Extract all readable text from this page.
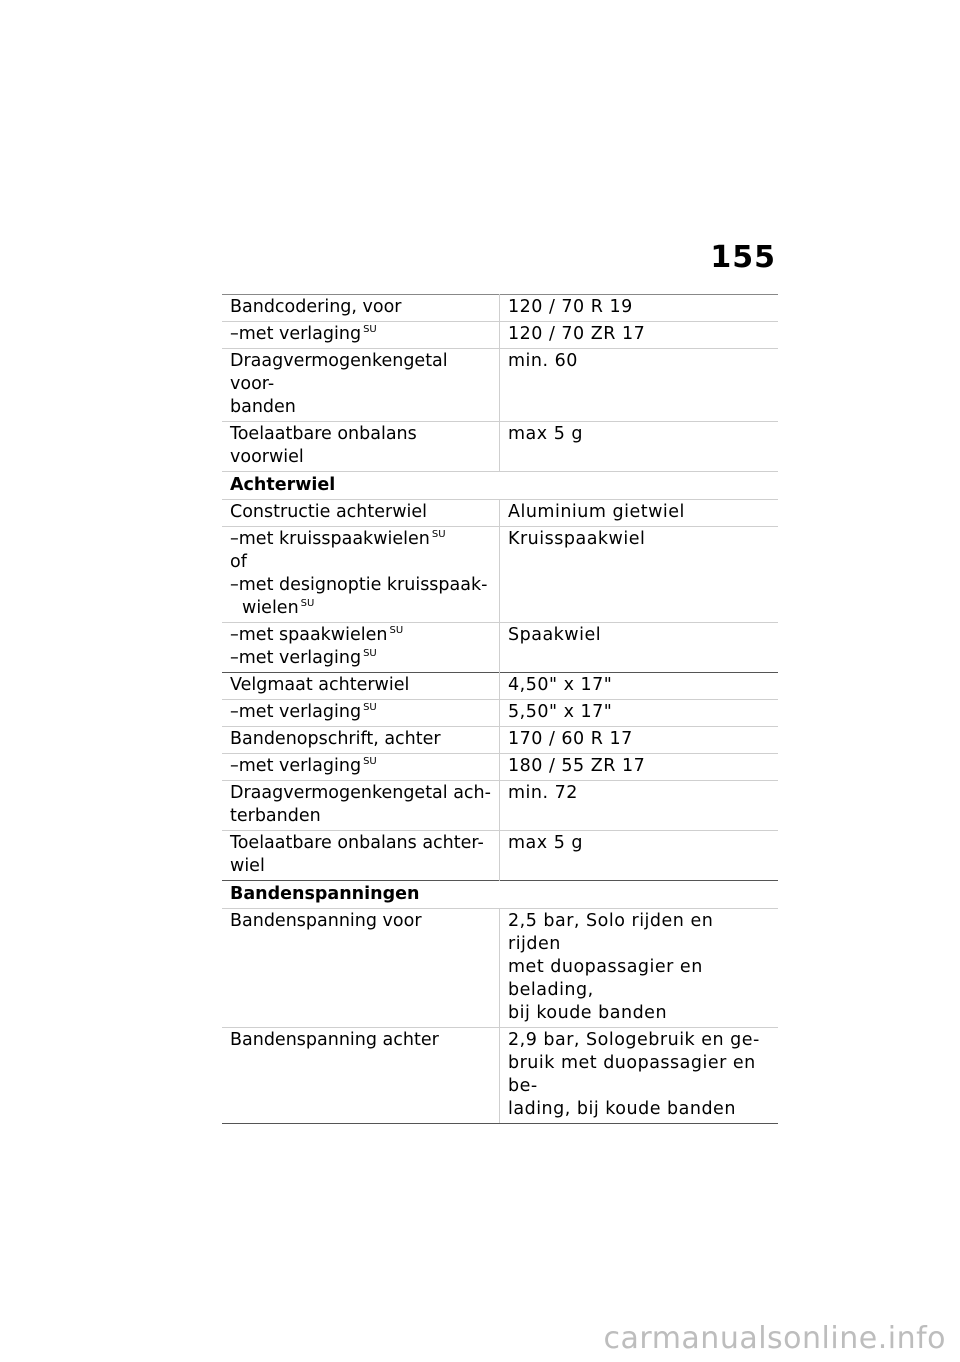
155
Bandcodering, voor	120 / 70 R 19

–met verlaging $^{SU}$	120 / 70 ZR 17

Draagvermogenkengetal voor-
banden	min. 60

Toelaatbare onbalans voorwiel	max 5 g

Achterwiel	

Constructie achterwiel	Aluminium gietwiel

–met kruisspaakwielen $^{SU}$
of
–met designoptie kruisspaak-
wielen $^{SU}$	Kruisspaakwiel

–met spaakwielen $^{SU}$
–met verlaging $^{SU}$	Spaakwiel

Velgmaat achterwiel	4,50" x 17"

–met verlaging $^{SU}$	5,50" x 17"

Bandenopschrift, achter	170 / 60 R 17

–met verlaging $^{SU}$	180 / 55 ZR 17

Draagvermogenkengetal ach-
terbanden	min. 72

Toelaatbare onbalans achter-
wiel	max 5 g

Bandenspanningen	

Bandenspanning voor	2,5 bar, Solo rijden en rijden
met duopassagier en belading,
bij koude banden

Bandenspanning achter	2,9 bar, Sologebruik en ge-
bruik met duopassagier en be-
lading, bij koude banden
carmanualsonline.info
